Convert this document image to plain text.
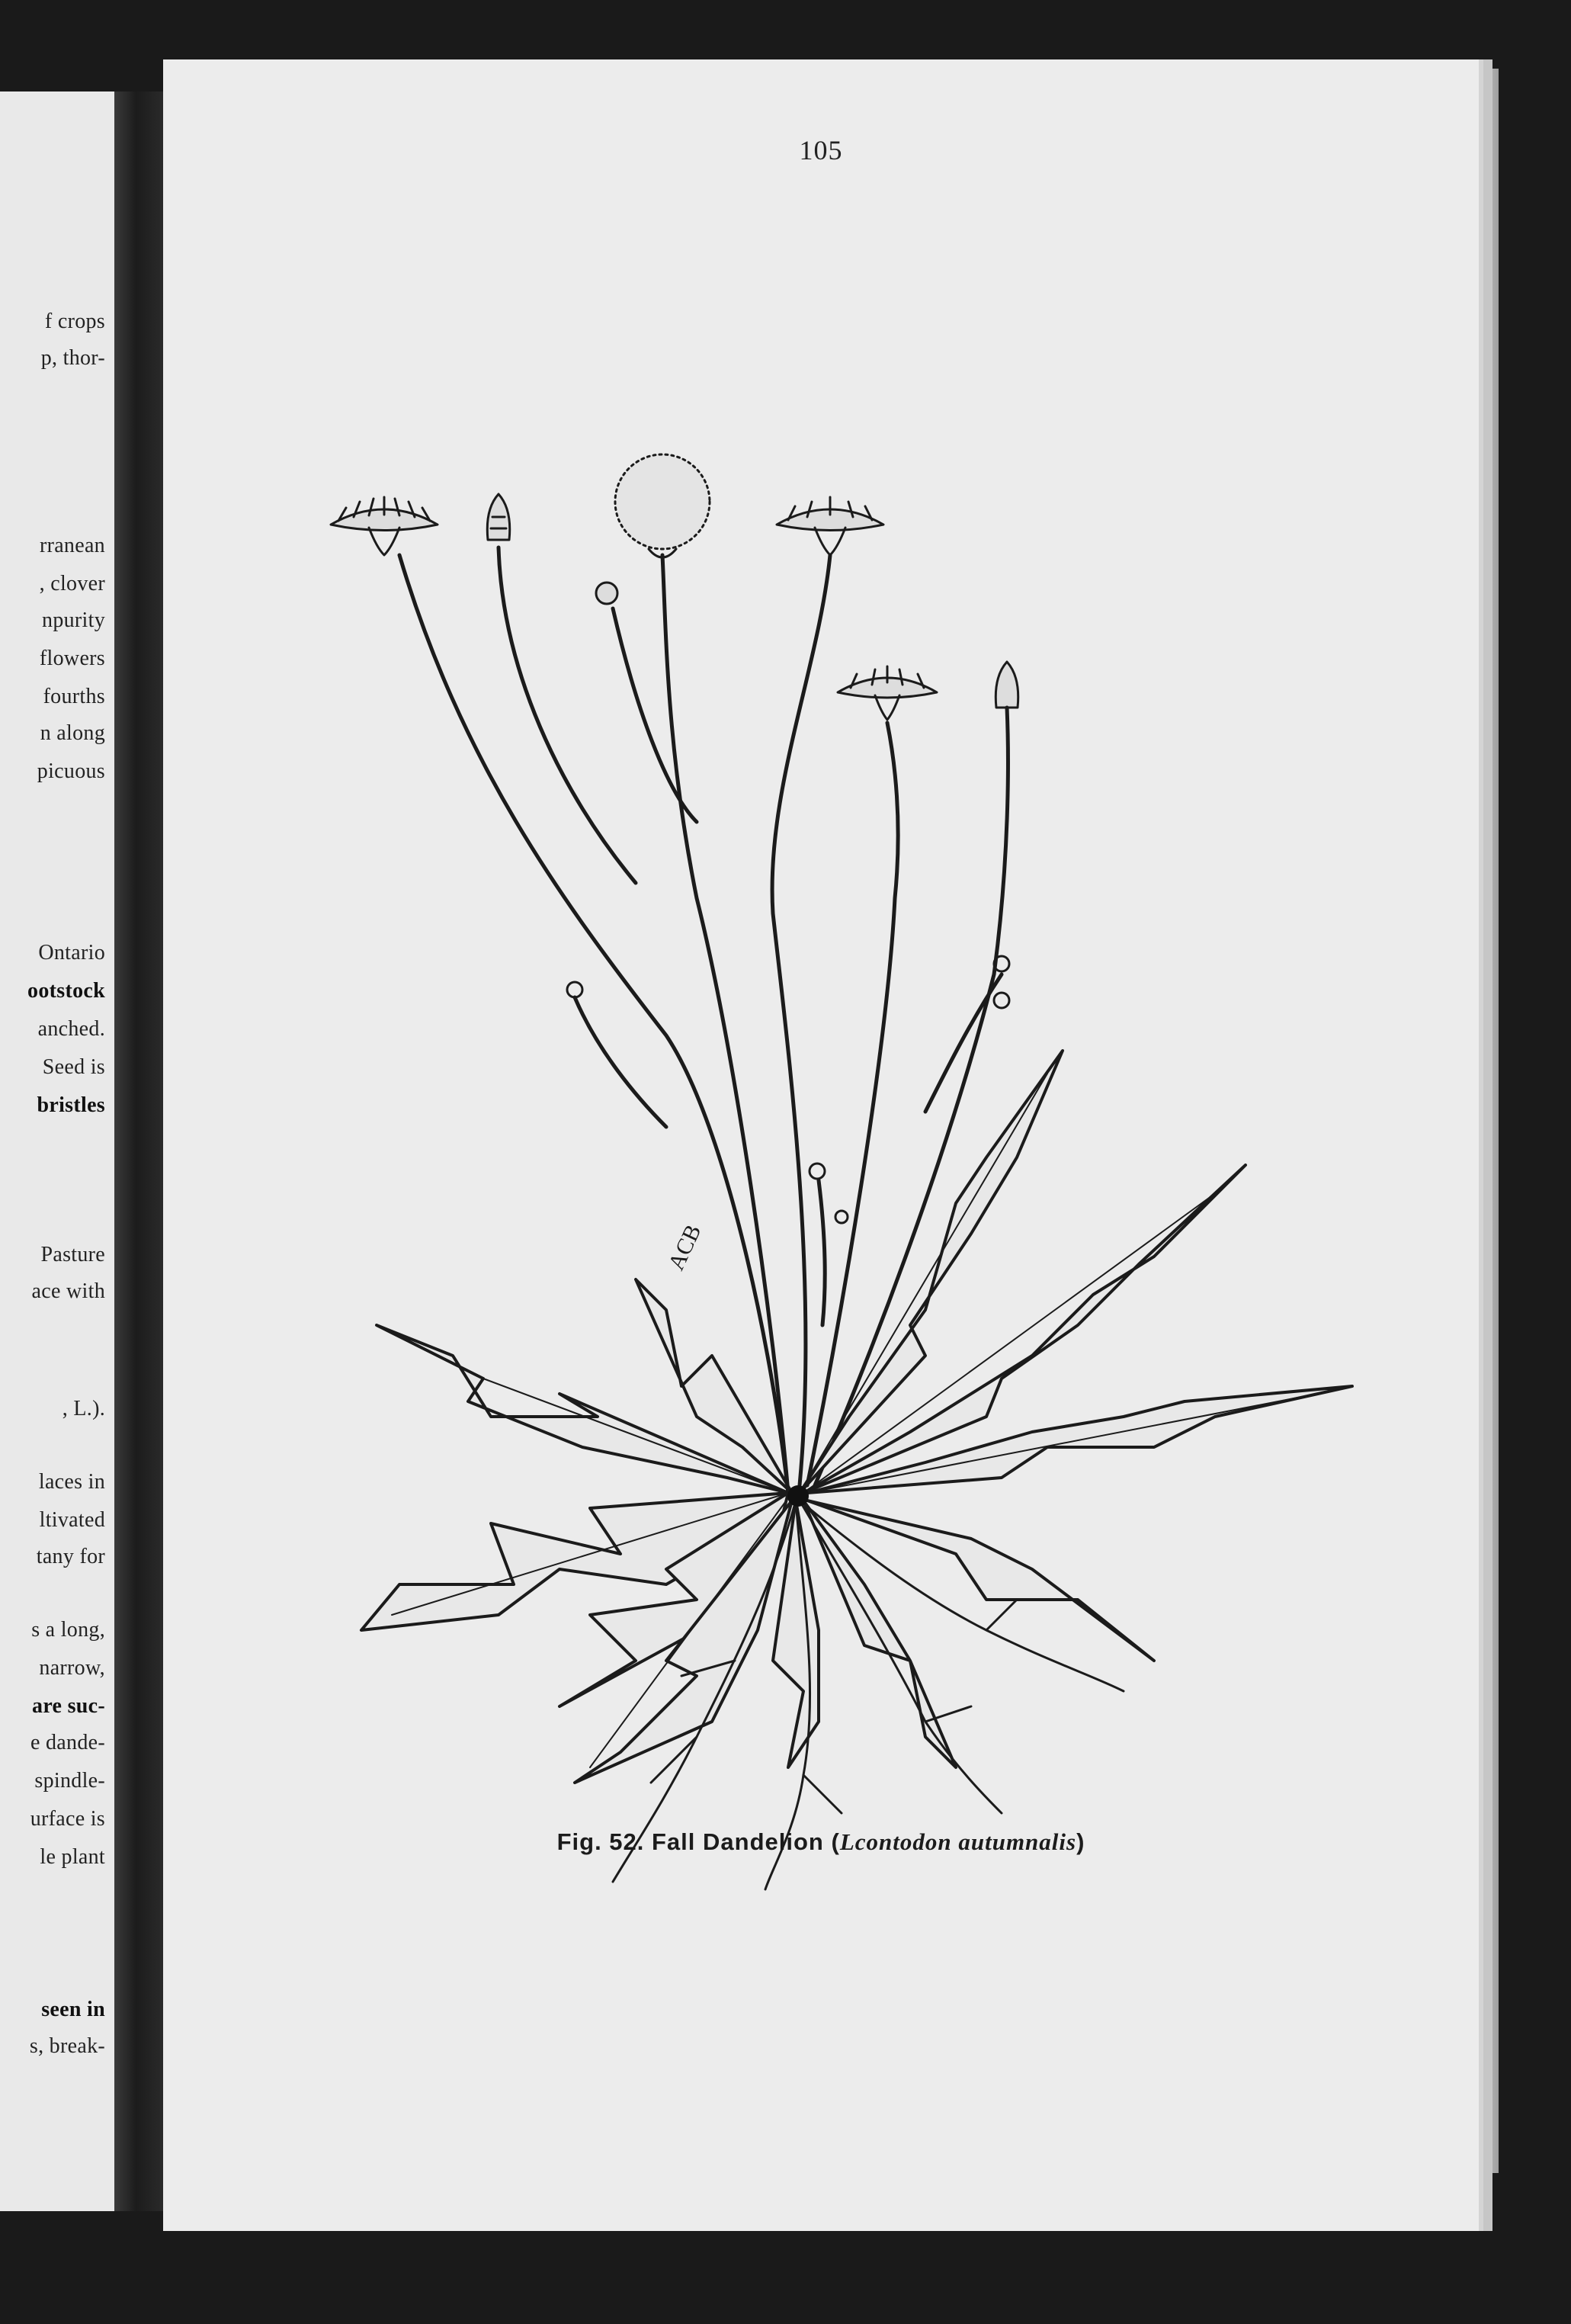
f crops
p, thor-
rranean
, clover
npurity
flowers
fourths
n along
picuous
Ontario
ootstock
anched.
Seed is
bristles
Pasture
ace with
, L.).
laces in
ltivated
tany for
s a long,
narrow,
are suc-
e dande-
spindle-
urface is
le plant
seen in
s, break-
105
ACB
Fig. 52. Fall Dandelion (Lcontodon autumnalis)
